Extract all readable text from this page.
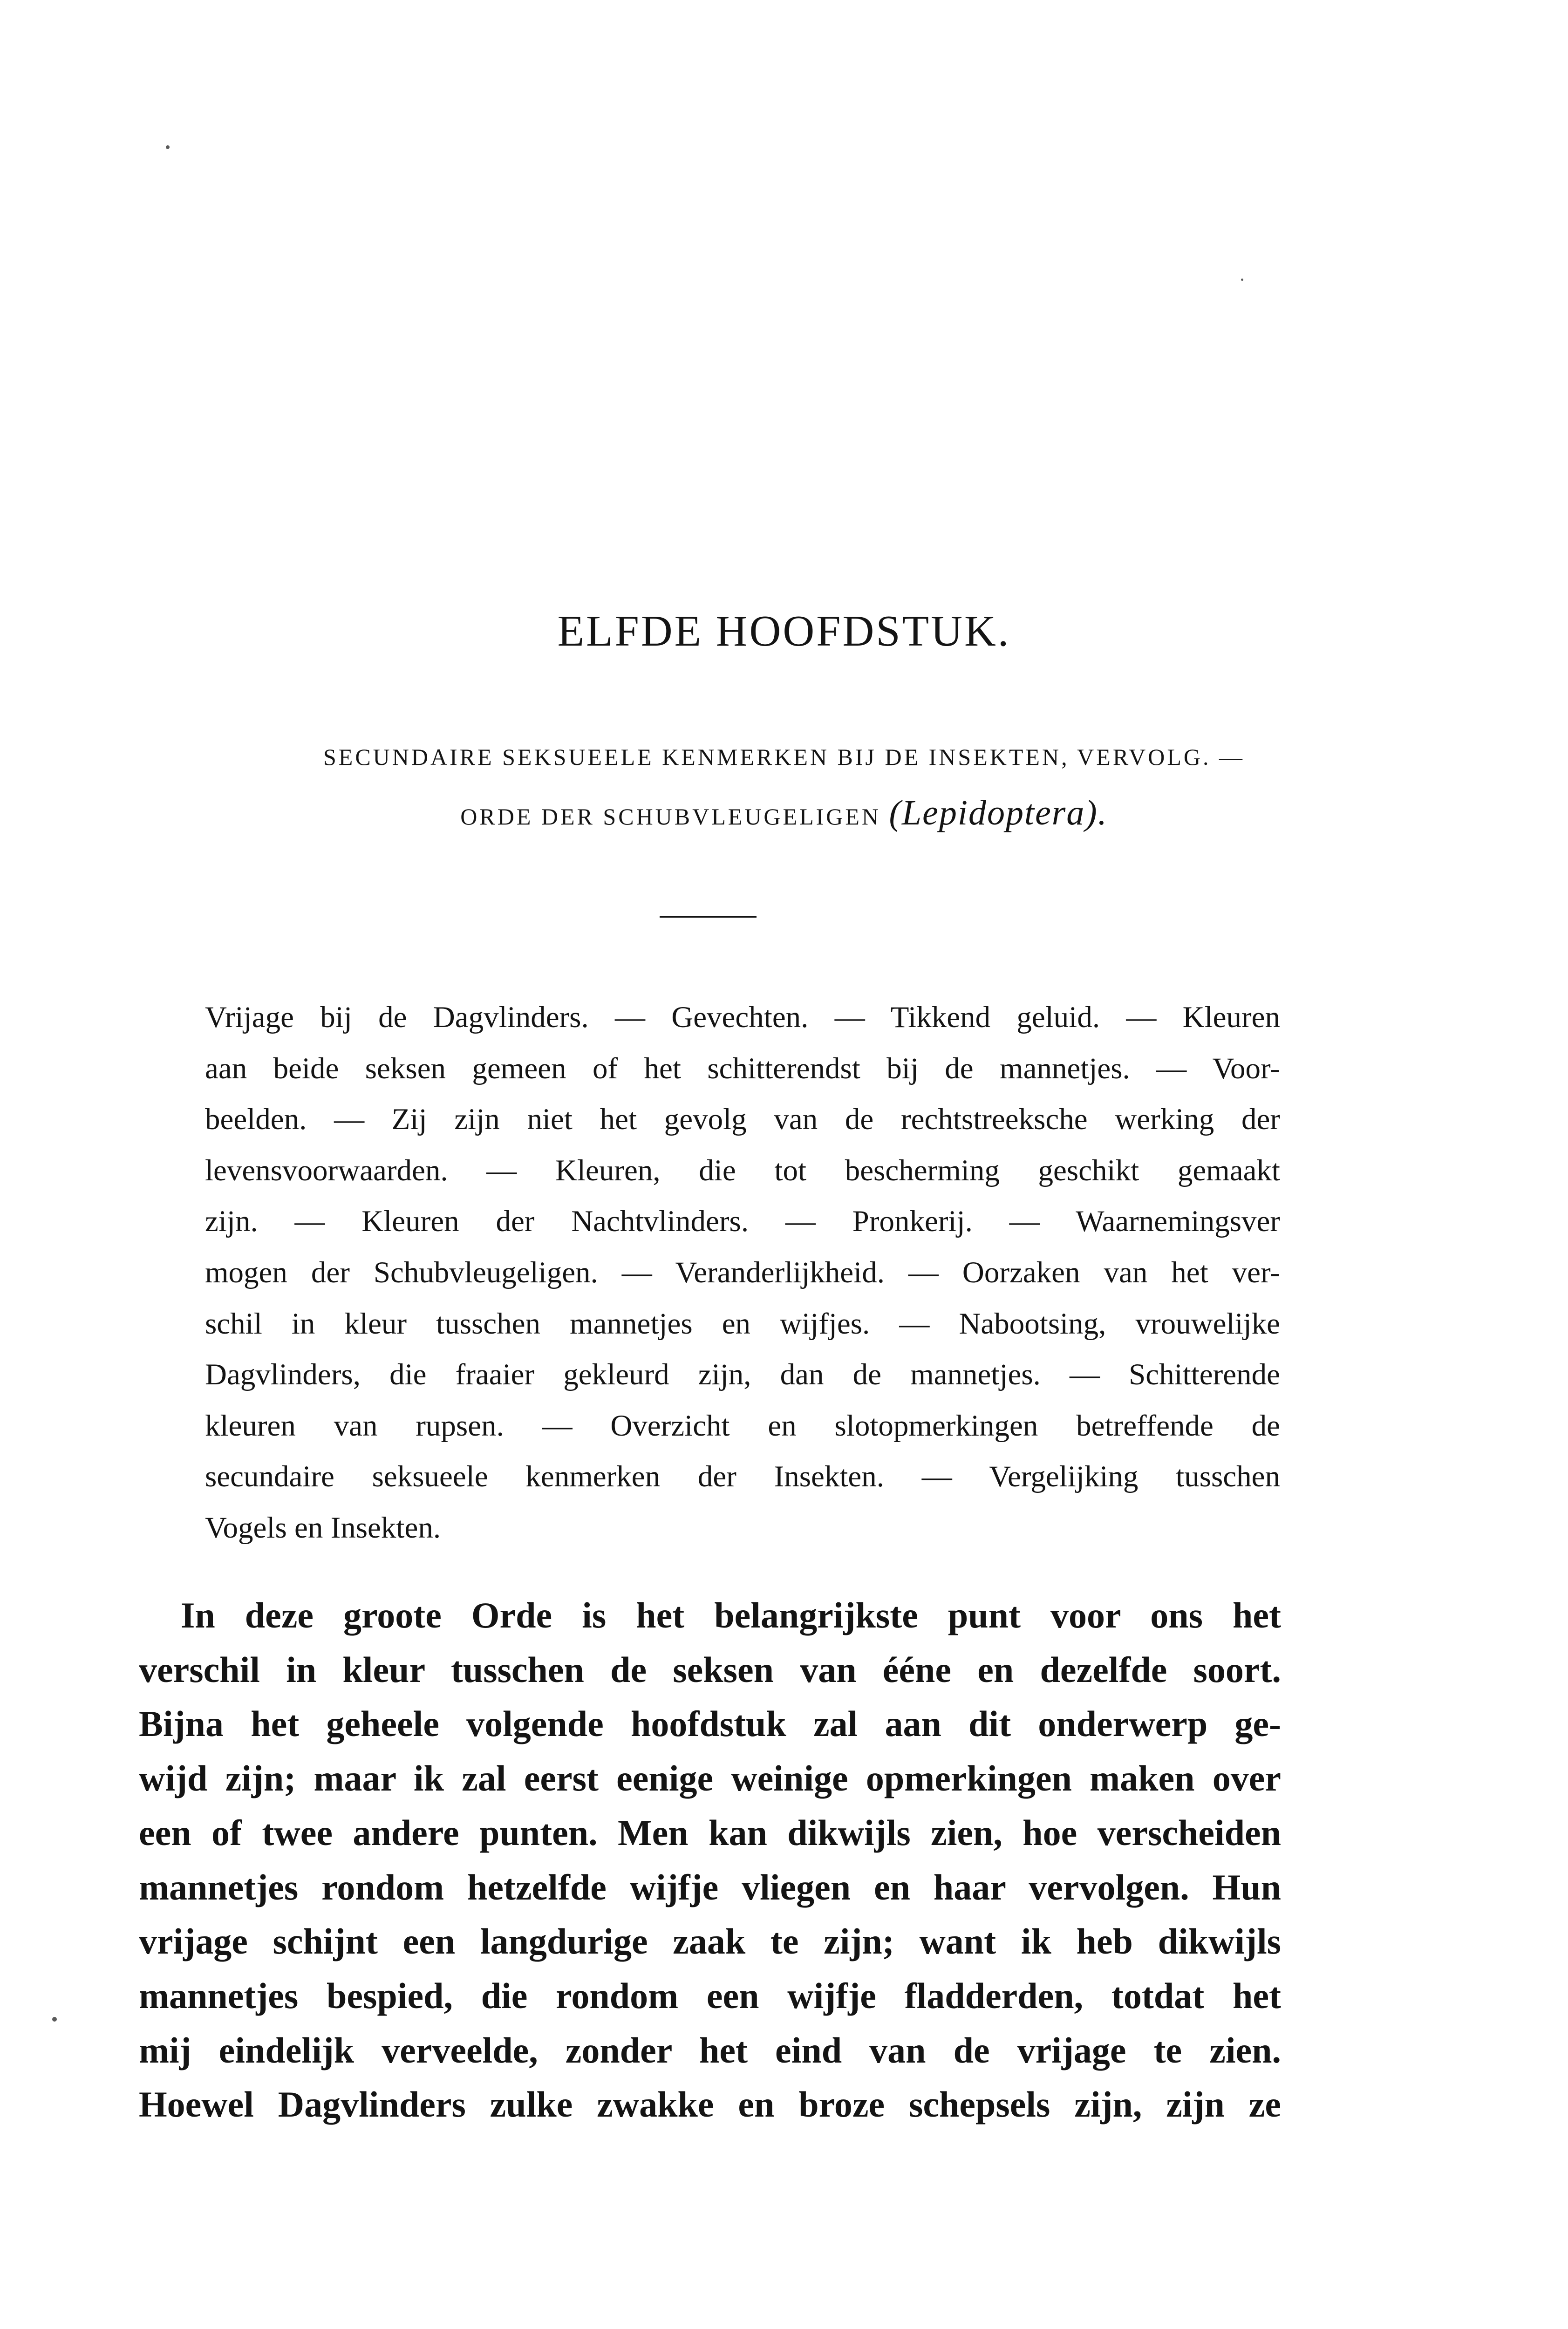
ELFDE HOOFDSTUK.
SECUNDAIRE SEKSUEELE KENMERKEN BIJ DE INSEKTEN, VERVOLG. —
ORDE DER SCHUBVLEUGELIGEN (Lepidoptera).
Vrijage bij de Dagvlinders. — Gevechten. — Tikkend geluid. — Kleuren
aan beide seksen gemeen of het schitterendst bij de mannetjes. — Voor-
beelden. — Zij zijn niet het gevolg van de rechtstreeksche werking der
levensvoorwaarden. — Kleuren, die tot bescherming geschikt gemaakt
zijn. — Kleuren der Nachtvlinders. — Pronkerij. — Waarnemingsver
mogen der Schubvleugeligen. — Veranderlijkheid. — Oorzaken van het ver-
schil in kleur tusschen mannetjes en wijfjes. — Nabootsing, vrouwelijke
Dagvlinders, die fraaier gekleurd zijn, dan de mannetjes. — Schitterende
kleuren van rupsen. — Overzicht en slotopmerkingen betreffende de
secundaire seksueele kenmerken der Insekten. — Vergelijking tusschen
Vogels en Insekten.
In deze groote Orde is het belangrijkste punt voor ons het
verschil in kleur tusschen de seksen van ééne en dezelfde soort.
Bijna het geheele volgende hoofdstuk zal aan dit onderwerp ge-
wijd zijn; maar ik zal eerst eenige weinige opmerkingen maken over
een of twee andere punten. Men kan dikwijls zien, hoe verscheiden
mannetjes rondom hetzelfde wijfje vliegen en haar vervolgen. Hun
vrijage schijnt een langdurige zaak te zijn; want ik heb dikwijls
mannetjes bespied, die rondom een wijfje fladderden, totdat het
mij eindelijk verveelde, zonder het eind van de vrijage te zien.
Hoewel Dagvlinders zulke zwakke en broze schepsels zijn, zijn ze
